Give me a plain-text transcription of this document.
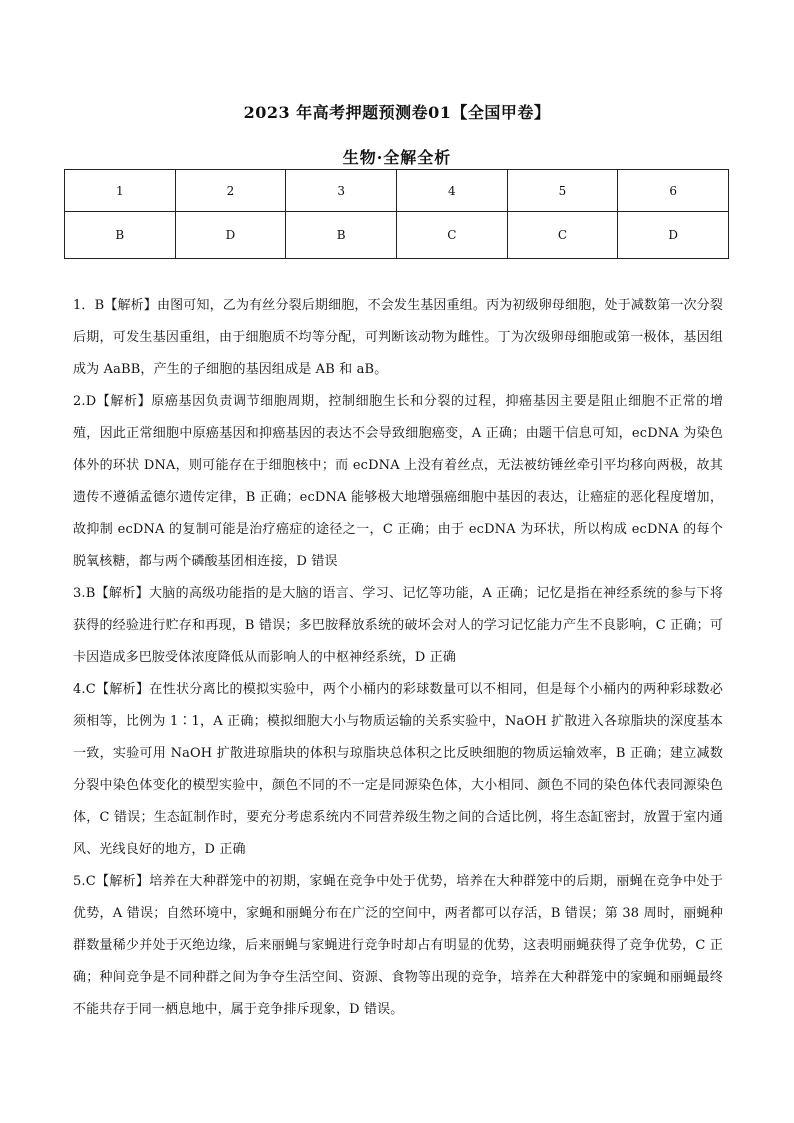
2023 年高考押题预测卷01【全国甲卷】
生物·全解全析
1	2	3	4	5	6
B	D	B	C	C	D

1．B【解析】由图可知，乙为有丝分裂后期细胞，不会发生基因重组。丙为初级卵母细胞，处于减数第一次分裂后期，可发生基因重组，由于细胞质不均等分配，可判断该动物为雌性。丁为次级卵母细胞或第一极体，基因组成为 AaBB，产生的子细胞的基因组成是 AB 和 aB。

2.D【解析】原癌基因负责调节细胞周期，控制细胞生长和分裂的过程，抑癌基因主要是阻止细胞不正常的增殖，因此正常细胞中原癌基因和抑癌基因的表达不会导致细胞癌变，A 正确；由题干信息可知，ecDNA 为染色体外的环状 DNA，则可能存在于细胞核中；而 ecDNA 上没有着丝点，无法被纺锤丝牵引平均移向两极，故其遗传不遵循孟德尔遗传定律，B 正确；ecDNA 能够极大地增强癌细胞中基因的表达，让癌症的恶化程度增加，故抑制 ecDNA 的复制可能是治疗癌症的途径之一，C 正确；由于 ecDNA 为环状，所以构成 ecDNA 的每个脱氧核糖，都与两个磷酸基团相连接，D 错误

3.B【解析】大脑的高级功能指的是大脑的语言、学习、记忆等功能，A 正确；记忆是指在神经系统的参与下将获得的经验进行贮存和再现，B 错误；多巴胺释放系统的破坏会对人的学习记忆能力产生不良影响，C 正确；可卡因造成多巴胺受体浓度降低从而影响人的中枢神经系统，D 正确

4.C【解析】在性状分离比的模拟实验中，两个小桶内的彩球数量可以不相同，但是每个小桶内的两种彩球数必须相等，比例为 1∶1，A 正确；模拟细胞大小与物质运输的关系实验中，NaOH 扩散进入各琼脂块的深度基本一致，实验可用 NaOH 扩散进琼脂块的体积与琼脂块总体积之比反映细胞的物质运输效率，B 正确；建立减数分裂中染色体变化的模型实验中，颜色不同的不一定是同源染色体，大小相同、颜色不同的染色体代表同源染色体，C 错误；生态缸制作时，要充分考虑系统内不同营养级生物之间的合适比例，将生态缸密封，放置于室内通风、光线良好的地方，D 正确

5.C【解析】培养在大种群笼中的初期，家蝇在竞争中处于优势，培养在大种群笼中的后期，丽蝇在竞争中处于优势，A 错误；自然环境中，家蝇和丽蝇分布在广泛的空间中，两者都可以存活，B 错误；第 38 周时，丽蝇种群数量稀少并处于灭绝边缘，后来丽蝇与家蝇进行竞争时却占有明显的优势，这表明丽蝇获得了竞争优势，C 正确；种间竞争是不同种群之间为争夺生活空间、资源、食物等出现的竞争，培养在大种群笼中的家蝇和丽蝇最终不能共存于同一栖息地中，属于竞争排斥现象，D 错误。
